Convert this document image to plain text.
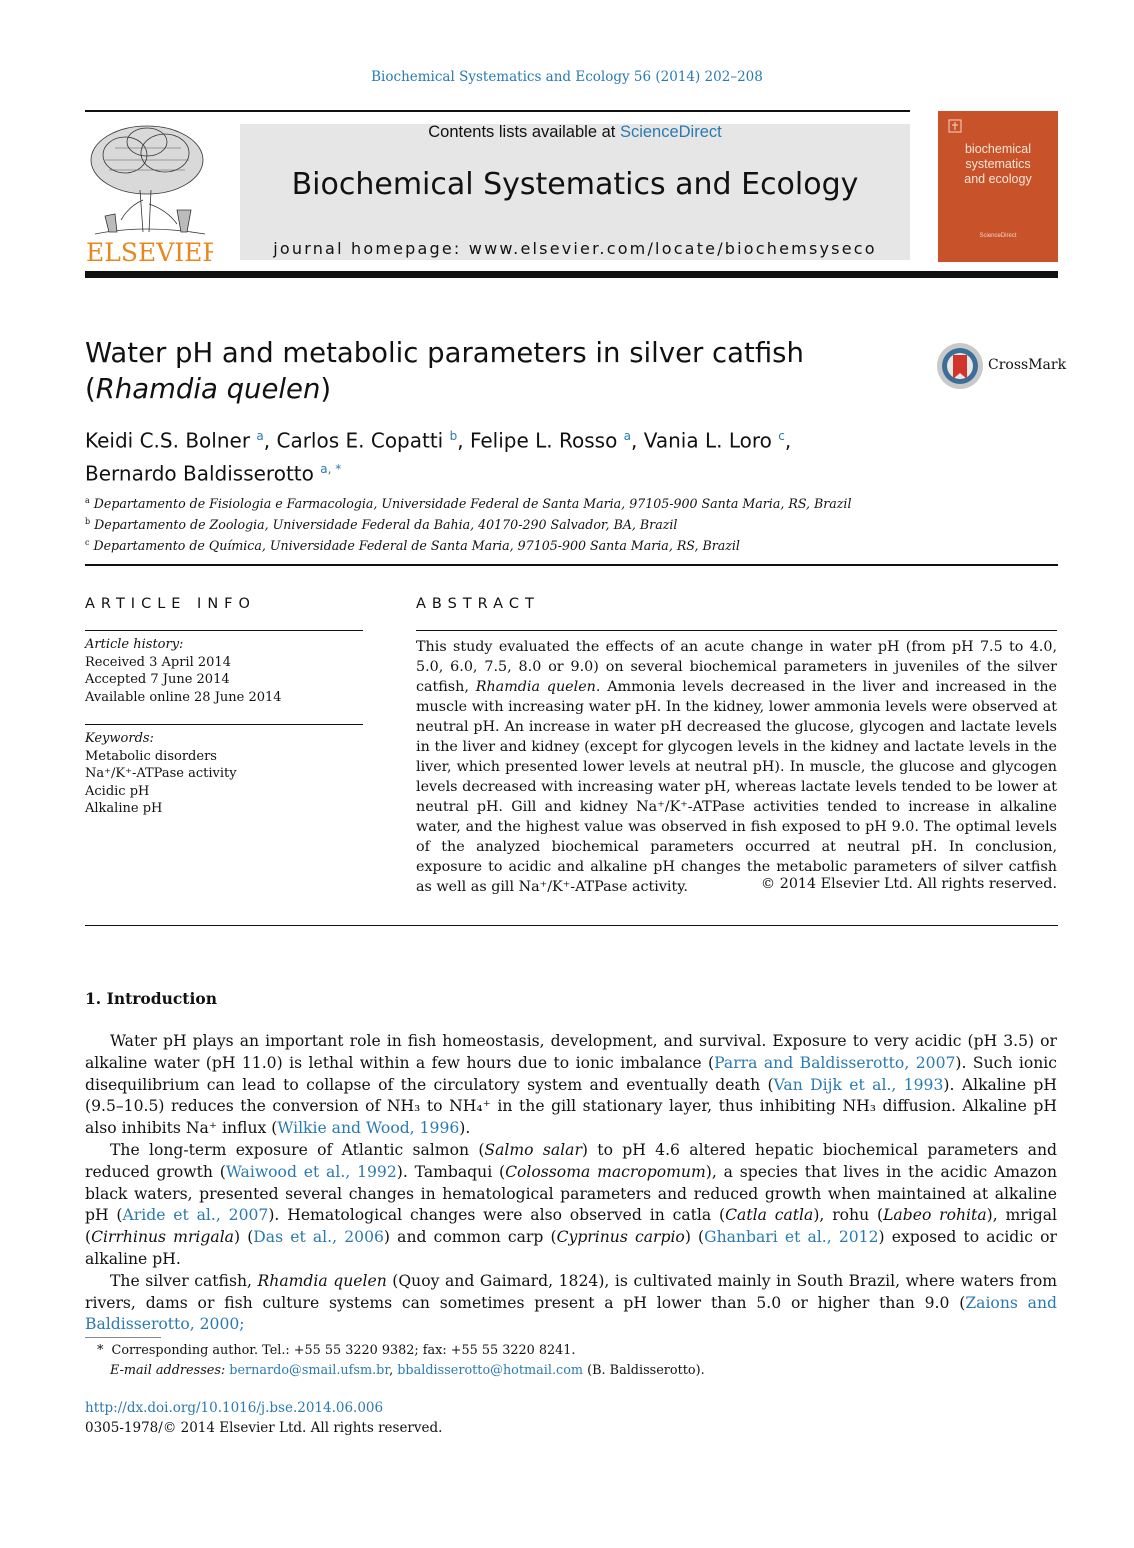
Biochemical Systematics and Ecology 56 (2014) 202–208
ELSEVIER
Contents lists available at ScienceDirect
Biochemical Systematics and Ecology
journal homepage: www.elsevier.com/locate/biochemsyseco
biochemical
systematics
and ecology
ScienceDirect
Water pH and metabolic parameters in silver catfish (Rhamdia quelen)
CrossMark
Keidi C.S. Bolner $^a$, Carlos E. Copatti $^b$, Felipe L. Rosso $^a$, Vania L. Loro $^c$,
Bernardo Baldisserotto $^{a, *}$
$^a$ Departamento de Fisiologia e Farmacologia, Universidade Federal de Santa Maria, 97105-900 Santa Maria, RS, Brazil
$^b$ Departamento de Zoologia, Universidade Federal da Bahia, 40170-290 Salvador, BA, Brazil
$^c$ Departamento de Química, Universidade Federal de Santa Maria, 97105-900 Santa Maria, RS, Brazil
ARTICLE INFO
Article history:
Received 3 April 2014
Accepted 7 June 2014
Available online 28 June 2014
Keywords:
Metabolic disorders
Na⁺/K⁺-ATPase activity
Acidic pH
Alkaline pH
ABSTRACT
This study evaluated the effects of an acute change in water pH (from pH 7.5 to 4.0, 5.0, 6.0, 7.5, 8.0 or 9.0) on several biochemical parameters in juveniles of the silver catfish, Rhamdia quelen. Ammonia levels decreased in the liver and increased in the muscle with increasing water pH. In the kidney, lower ammonia levels were observed at neutral pH. An increase in water pH decreased the glucose, glycogen and lactate levels in the liver and kidney (except for glycogen levels in the kidney and lactate levels in the liver, which presented lower levels at neutral pH). In muscle, the glucose and glycogen levels decreased with increasing water pH, whereas lactate levels tended to be lower at neutral pH. Gill and kidney Na⁺/K⁺-ATPase activities tended to increase in alkaline water, and the highest value was observed in fish exposed to pH 9.0. The optimal levels of the analyzed biochemical parameters occurred at neutral pH. In conclusion, exposure to acidic and alkaline pH changes the metabolic parameters of silver catfish as well as gill Na⁺/K⁺-ATPase activity.	© 2014 Elsevier Ltd. All rights reserved.
1. Introduction

Water pH plays an important role in fish homeostasis, development, and survival. Exposure to very acidic (pH 3.5) or alkaline water (pH 11.0) is lethal within a few hours due to ionic imbalance (Parra and Baldisserotto, 2007). Such ionic disequilibrium can lead to collapse of the circulatory system and eventually death (Van Dijk et al., 1993). Alkaline pH (9.5–10.5) reduces the conversion of NH₃ to NH₄⁺ in the gill stationary layer, thus inhibiting NH₃ diffusion. Alkaline pH also inhibits Na⁺ influx (Wilkie and Wood, 1996).

The long-term exposure of Atlantic salmon (Salmo salar) to pH 4.6 altered hepatic biochemical parameters and reduced growth (Waiwood et al., 1992). Tambaqui (Colossoma macropomum), a species that lives in the acidic Amazon black waters, presented several changes in hematological parameters and reduced growth when maintained at alkaline pH (Aride et al., 2007). Hematological changes were also observed in catla (Catla catla), rohu (Labeo rohita), mrigal (Cirrhinus mrigala) (Das et al., 2006) and common carp (Cyprinus carpio) (Ghanbari et al., 2012) exposed to acidic or alkaline pH.

The silver catfish, Rhamdia quelen (Quoy and Gaimard, 1824), is cultivated mainly in South Brazil, where waters from rivers, dams or fish culture systems can sometimes present a pH lower than 5.0 or higher than 9.0 (Zaions and Baldisserotto, 2000;

* Corresponding author. Tel.: +55 55 3220 9382; fax: +55 55 3220 8241.
E-mail addresses: bernardo@smail.ufsm.br, bbaldisserotto@hotmail.com (B. Baldisserotto).
http://dx.doi.org/10.1016/j.bse.2014.06.006
0305-1978/© 2014 Elsevier Ltd. All rights reserved.
